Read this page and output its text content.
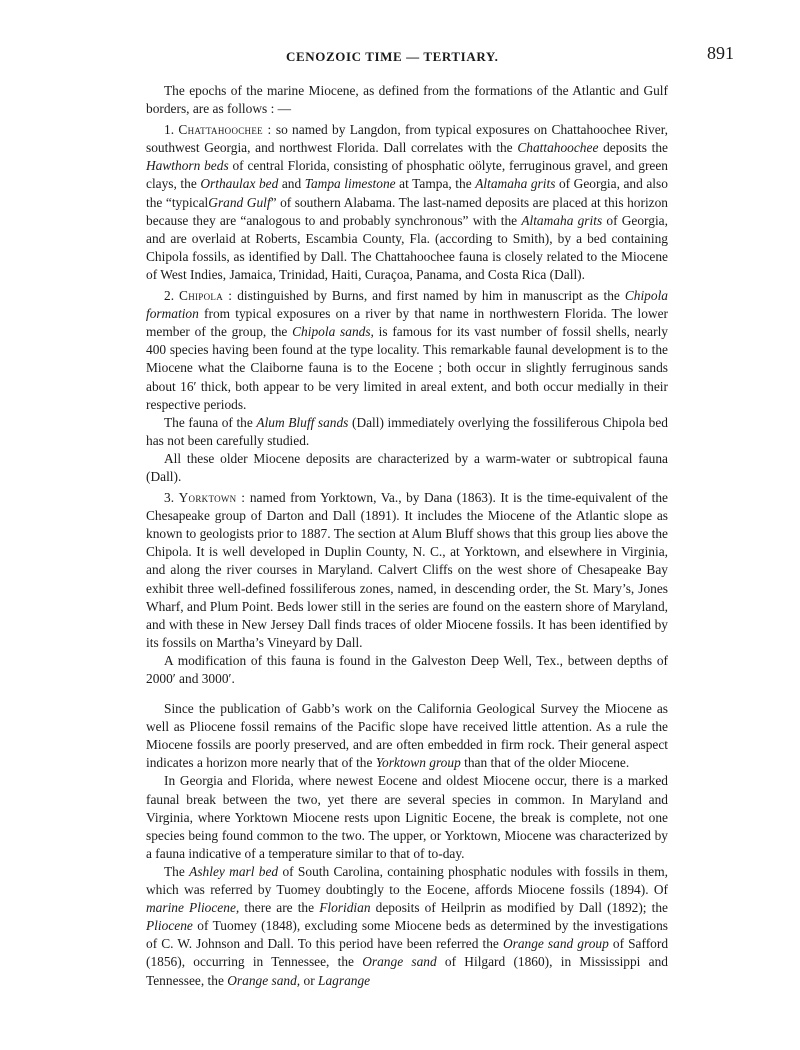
CENOZOIC TIME — TERTIARY.	891

The epochs of the marine Miocene, as defined from the formations of the Atlantic and Gulf borders, are as follows : —

1. Chattahoochee : so named by Langdon, from typical exposures on Chattahoochee River, southwest Georgia, and northwest Florida. Dall correlates with the Chattahoochee deposits the Hawthorn beds of central Florida, consisting of phosphatic oölyte, ferruginous gravel, and green clays, the Orthaulax bed and Tampa limestone at Tampa, the Altamaha grits of Georgia, and also the “typicalGrand Gulf” of southern Alabama. The last-named deposits are placed at this horizon because they are “analogous to and probably synchronous” with the Altamaha grits of Georgia, and are overlaid at Roberts, Escambia County, Fla. (according to Smith), by a bed containing Chipola fossils, as identified by Dall. The Chattahoochee fauna is closely related to the Miocene of West Indies, Jamaica, Trinidad, Haiti, Curaçoa, Panama, and Costa Rica (Dall).

2. Chipola : distinguished by Burns, and first named by him in manuscript as the Chipola formation from typical exposures on a river by that name in northwestern Florida. The lower member of the group, the Chipola sands, is famous for its vast number of fossil shells, nearly 400 species having been found at the type locality. This remarkable faunal development is to the Miocene what the Claiborne fauna is to the Eocene ; both occur in slightly ferruginous sands about 16′ thick, both appear to be very limited in areal extent, and both occur medially in their respective periods.

The fauna of the Alum Bluff sands (Dall) immediately overlying the fossiliferous Chipola bed has not been carefully studied.

All these older Miocene deposits are characterized by a warm-water or subtropical fauna (Dall).

3. Yorktown : named from Yorktown, Va., by Dana (1863). It is the time-equivalent of the Chesapeake group of Darton and Dall (1891). It includes the Miocene of the Atlantic slope as known to geologists prior to 1887. The section at Alum Bluff shows that this group lies above the Chipola. It is well developed in Duplin County, N. C., at Yorktown, and elsewhere in Virginia, and along the river courses in Maryland. Calvert Cliffs on the west shore of Chesapeake Bay exhibit three well-defined fossiliferous zones, named, in descending order, the St. Mary’s, Jones Wharf, and Plum Point. Beds lower still in the series are found on the eastern shore of Maryland, and with these in New Jersey Dall finds traces of older Miocene fossils. It has been identified by its fossils on Martha’s Vineyard by Dall.

A modification of this fauna is found in the Galveston Deep Well, Tex., between depths of 2000′ and 3000′.

Since the publication of Gabb’s work on the California Geological Survey the Miocene as well as Pliocene fossil remains of the Pacific slope have received little attention. As a rule the Miocene fossils are poorly preserved, and are often embedded in firm rock. Their general aspect indicates a horizon more nearly that of the Yorktown group than that of the older Miocene.

In Georgia and Florida, where newest Eocene and oldest Miocene occur, there is a marked faunal break between the two, yet there are several species in common. In Maryland and Virginia, where Yorktown Miocene rests upon Lignitic Eocene, the break is complete, not one species being found common to the two. The upper, or Yorktown, Miocene was characterized by a fauna indicative of a temperature similar to that of to-day.

The Ashley marl bed of South Carolina, containing phosphatic nodules with fossils in them, which was referred by Tuomey doubtingly to the Eocene, affords Miocene fossils (1894). Of marine Pliocene, there are the Floridian deposits of Heilprin as modified by Dall (1892); the Pliocene of Tuomey (1848), excluding some Miocene beds as determined by the investigations of C. W. Johnson and Dall. To this period have been referred the Orange sand group of Safford (1856), occurring in Tennessee, the Orange sand of Hilgard (1860), in Mississippi and Tennessee, the Orange sand, or Lagrange
